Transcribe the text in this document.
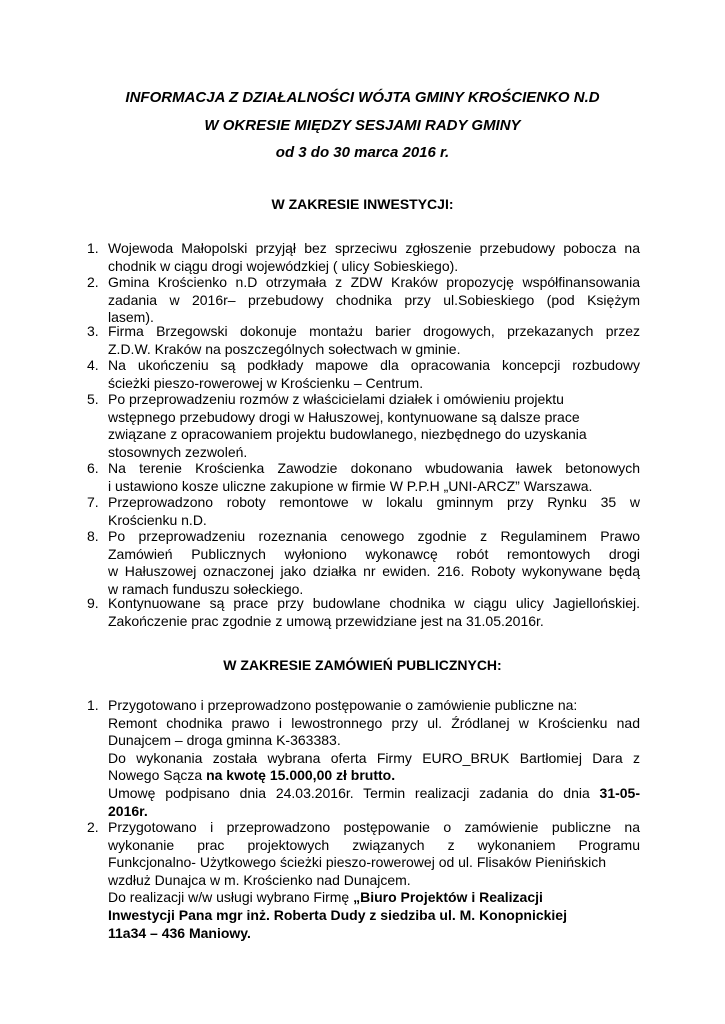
INFORMACJA Z DZIAŁALNOŚCI WÓJTA GMINY KROŚCIENKO N.D
W OKRESIE MIĘDZY SESJAMI RADY GMINY
od 3 do 30 marca 2016 r.
W ZAKRESIE INWESTYCJI:
1. Wojewoda Małopolski przyjął bez sprzeciwu zgłoszenie przebudowy pobocza na
chodnik w ciągu drogi wojewódzkiej ( ulicy Sobieskiego).
2. Gmina Krościenko n.D otrzymała z ZDW Kraków propozycję współfinansowania
zadania w 2016r– przebudowy chodnika przy ul.Sobieskiego (pod Księżym
lasem).
3. Firma Brzegowski dokonuje montażu barier drogowych, przekazanych przez
Z.D.W. Kraków na poszczególnych sołectwach w gminie.
4. Na ukończeniu są podkłady mapowe dla opracowania koncepcji rozbudowy
ścieżki pieszo-rowerowej w Krościenku – Centrum.
5. Po przeprowadzeniu rozmów z właścicielami działek i omówieniu projektu
wstępnego przebudowy drogi w Hałuszowej, kontynuowane są dalsze prace
związane z opracowaniem projektu budowlanego, niezbędnego do uzyskania
stosownych zezwoleń.
6. Na terenie Krościenka Zawodzie dokonano wbudowania ławek betonowych
i ustawiono kosze uliczne zakupione w firmie W P.P.H „UNI-ARCZ” Warszawa.
7. Przeprowadzono roboty remontowe w lokalu gminnym przy Rynku 35 w
Krościenku n.D.
8. Po przeprowadzeniu rozeznania cenowego zgodnie z Regulaminem Prawo
Zamówień Publicznych wyłoniono wykonawcę robót remontowych drogi
w Hałuszowej oznaczonej jako działka nr ewiden. 216. Roboty wykonywane będą
w ramach funduszu sołeckiego.
9. Kontynuowane są prace przy budowlane chodnika w ciągu ulicy Jagiellońskiej.
Zakończenie prac zgodnie z umową przewidziane jest na 31.05.2016r.
W ZAKRESIE ZAMÓWIEŃ PUBLICZNYCH:
1. Przygotowano i przeprowadzono postępowanie o zamówienie publiczne na:
Remont chodnika prawo i lewostronnego przy ul. Źródlanej w Krościenku nad
Dunajcem – droga gminna K-363383.
Do wykonania została wybrana oferta Firmy EURO_BRUK Bartłomiej Dara z
Nowego Sącza na kwotę 15.000,00 zł brutto.
Umowę podpisano dnia 24.03.2016r. Termin realizacji zadania do dnia 31-05-
2016r.
2. Przygotowano i przeprowadzono postępowanie o zamówienie publiczne na
wykonanie prac projektowych związanych z wykonaniem Programu
Funkcjonalno- Użytkowego ścieżki pieszo-rowerowej od ul. Flisaków Pienińskich
wzdłuż Dunajca w m. Krościenko nad Dunajcem.
Do realizacji w/w usługi wybrano Firmę „Biuro Projektów i Realizacji
Inwestycji Pana mgr inż. Roberta Dudy z siedziba ul. M. Konopnickiej
11a34 – 436 Maniowy.
